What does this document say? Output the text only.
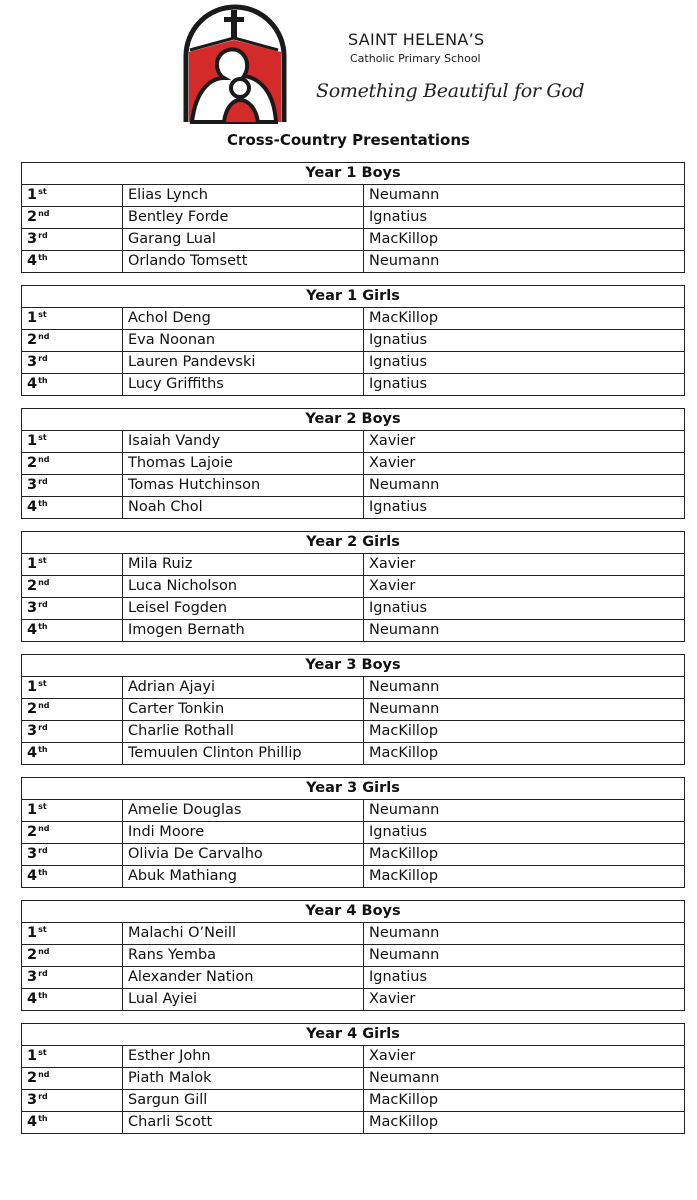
SAINT HELENA’S
Catholic Primary School
Something Beautiful for God
Cross-Country Presentations
Year 1 Boys		
1st	Elias Lynch	Neumann
2nd	Bentley Forde	Ignatius
3rd	Garang Lual	MacKillop
4th	Orlando Tomsett	Neumann
Year 1 Girls		
1st	Achol Deng	MacKillop
2nd	Eva Noonan	Ignatius
3rd	Lauren Pandevski	Ignatius
4th	Lucy Griffiths	Ignatius
Year 2 Boys		
1st	Isaiah Vandy	Xavier
2nd	Thomas Lajoie	Xavier
3rd	Tomas Hutchinson	Neumann
4th	Noah Chol	Ignatius
Year 2 Girls		
1st	Mila Ruiz	Xavier
2nd	Luca Nicholson	Xavier
3rd	Leisel Fogden	Ignatius
4th	Imogen Bernath	Neumann
Year 3 Boys		
1st	Adrian Ajayi	Neumann
2nd	Carter Tonkin	Neumann
3rd	Charlie Rothall	MacKillop
4th	Temuulen Clinton Phillip	MacKillop
Year 3 Girls		
1st	Amelie Douglas	Neumann
2nd	Indi Moore	Ignatius
3rd	Olivia De Carvalho	MacKillop
4th	Abuk Mathiang	MacKillop
Year 4 Boys		
1st	Malachi O’Neill	Neumann
2nd	Rans Yemba	Neumann
3rd	Alexander Nation	Ignatius
4th	Lual Ayiei	Xavier
Year 4 Girls		
1st	Esther John	Xavier
2nd	Piath Malok	Neumann
3rd	Sargun Gill	MacKillop
4th	Charli Scott	MacKillop
